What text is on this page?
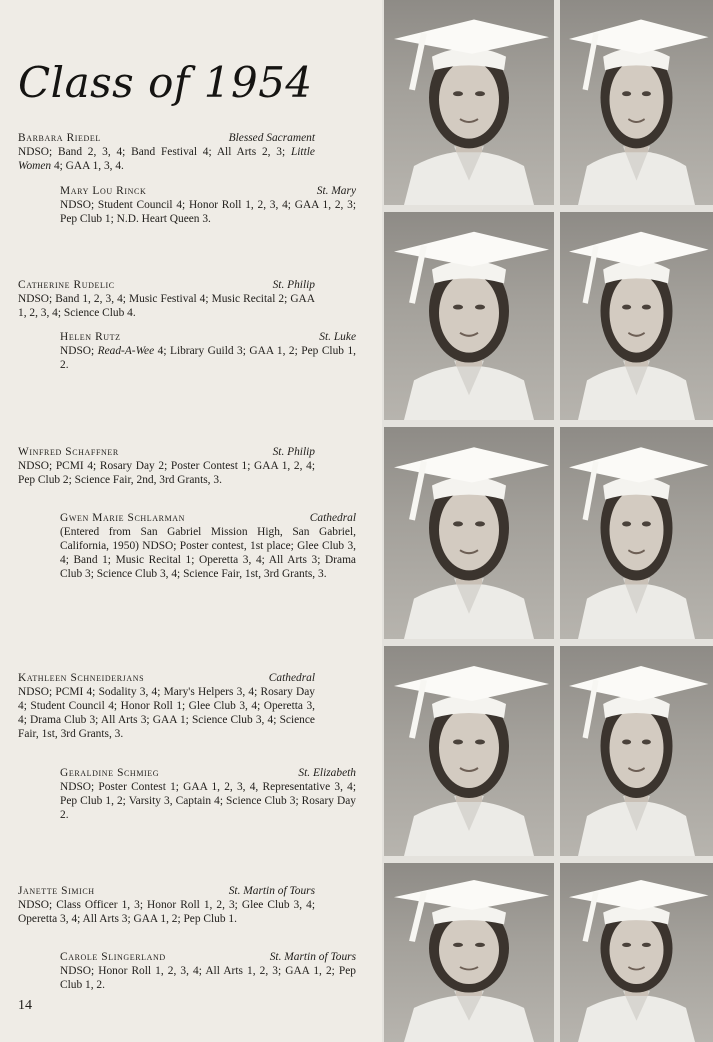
Class of 1954
Barbara Riedel	Blessed Sacrament
NDSO; Band 2, 3, 4; Band Festival 4; All Arts 2, 3; Little Women 4; GAA 1, 3, 4.
Mary Lou Rinck	St. Mary
NDSO; Student Council 4; Honor Roll 1, 2, 3, 4; GAA 1, 2, 3; Pep Club 1; N.D. Heart Queen 3.
Catherine Rudelic	St. Philip
NDSO; Band 1, 2, 3, 4; Music Festival 4; Music Recital 2; GAA 1, 2, 3, 4; Science Club 4.
Helen Rutz	St. Luke
NDSO; Read-A-Wee 4; Library Guild 3; GAA 1, 2; Pep Club 1, 2.
Winfred Schaffner	St. Philip
NDSO; PCMI 4; Rosary Day 2; Poster Contest 1; GAA 1, 2, 4; Pep Club 2; Science Fair, 2nd, 3rd Grants, 3.
Gwen Marie Schlarman	Cathedral
(Entered from San Gabriel Mission High, San Gabriel, California, 1950) NDSO; Poster contest, 1st place; Glee Club 3, 4; Band 1; Music Recital 1; Operetta 3, 4; All Arts 3; Drama Club 3; Science Club 3, 4; Science Fair, 1st, 3rd Grants, 3.
Kathleen Schneiderjans	Cathedral
NDSO; PCMI 4; Sodality 3, 4; Mary's Helpers 3, 4; Rosary Day 4; Student Council 4; Honor Roll 1; Glee Club 3, 4; Operetta 3, 4; Drama Club 3; All Arts 3; GAA 1; Science Club 3, 4; Science Fair, 1st, 3rd Grants, 3.
Geraldine Schmieg	St. Elizabeth
NDSO; Poster Contest 1; GAA 1, 2, 3, 4, Representative 3, 4; Pep Club 1, 2; Varsity 3, Captain 4; Science Club 3; Rosary Day 2.
Janette Simich	St. Martin of Tours
NDSO; Class Officer 1, 3; Honor Roll 1, 2, 3; Glee Club 3, 4; Operetta 3, 4; All Arts 3; GAA 1, 2; Pep Club 1.
Carole Slingerland	St. Martin of Tours
NDSO; Honor Roll 1, 2, 3, 4; All Arts 1, 2, 3; GAA 1, 2; Pep Club 1, 2.
14
